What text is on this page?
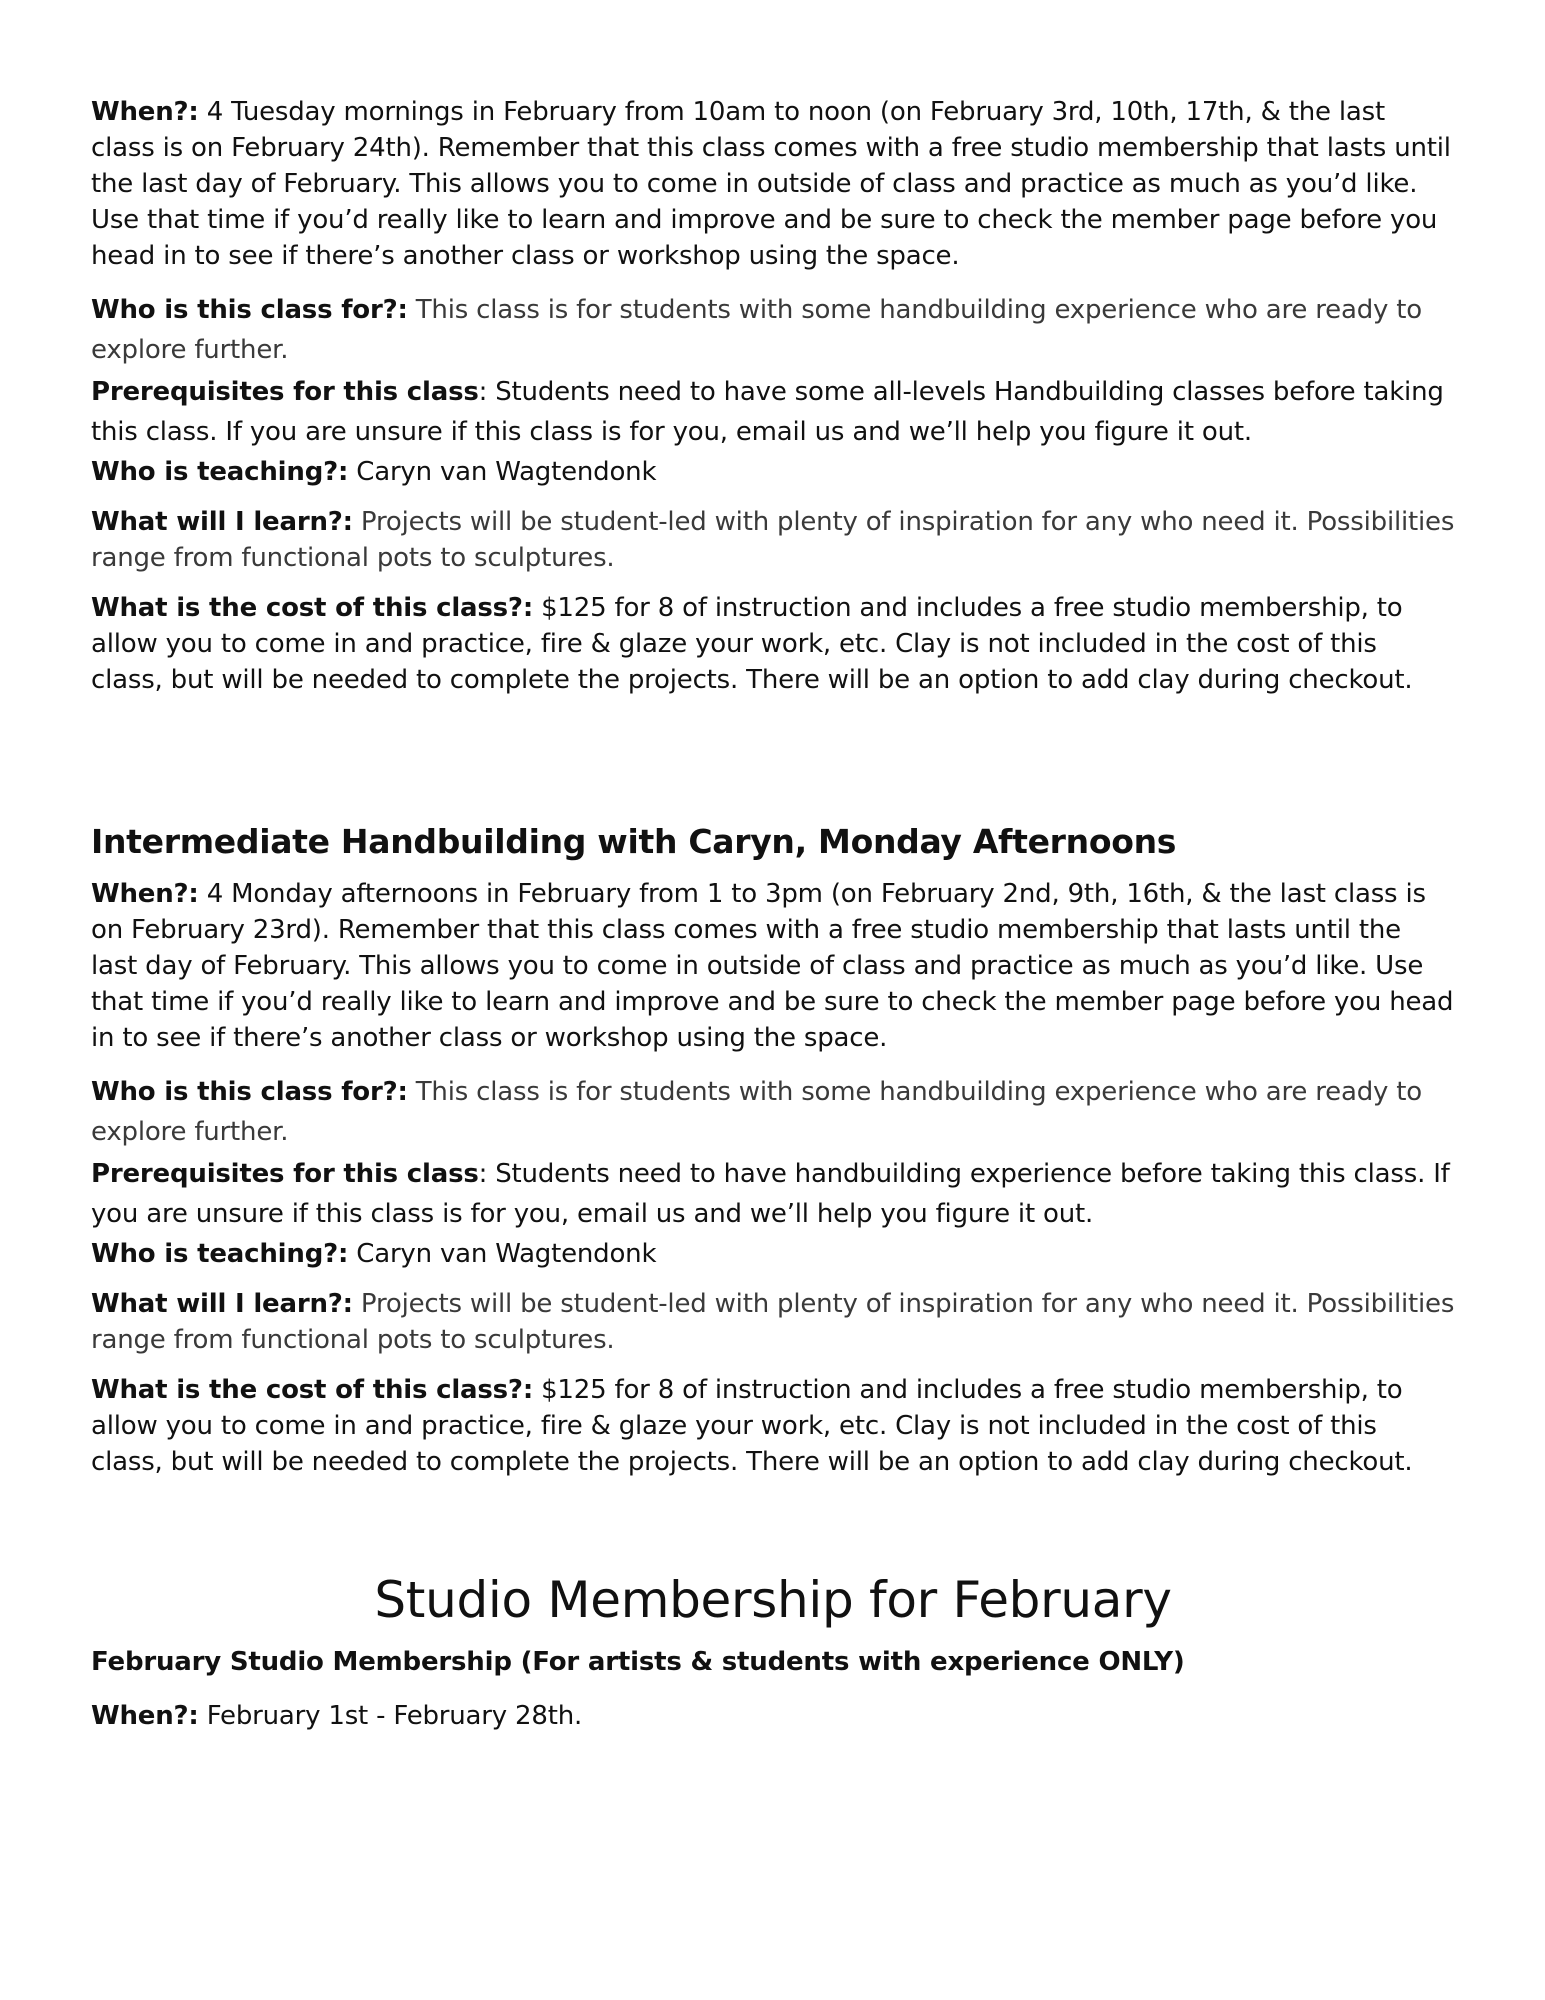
When?: 4 Tuesday mornings in February from 10am to noon (on February 3rd, 10th, 17th, & the last class is on February 24th). Remember that this class comes with a free studio membership that lasts until the last day of February. This allows you to come in outside of class and practice as much as you’d like. Use that time if you’d really like to learn and improve and be sure to check the member page before you head in to see if there’s another class or workshop using the space.

Who is this class for?: This class is for students with some handbuilding experience who are ready to explore further.

Prerequisites for this class: Students need to have some all-levels Handbuilding classes before taking this class. If you are unsure if this class is for you, email us and we’ll help you figure it out.

Who is teaching?: Caryn van Wagtendonk

What will I learn?: Projects will be student-led with plenty of inspiration for any who need it. Possibilities range from functional pots to sculptures.

What is the cost of this class?: $125 for 8 of instruction and includes a free studio membership, to allow you to come in and practice, fire & glaze your work, etc. Clay is not included in the cost of this class, but will be needed to complete the projects. There will be an option to add clay during checkout.

Intermediate Handbuilding with Caryn, Monday Afternoons

When?: 4 Monday afternoons in February from 1 to 3pm (on February 2nd, 9th, 16th, & the last class is on February 23rd). Remember that this class comes with a free studio membership that lasts until the last day of February. This allows you to come in outside of class and practice as much as you’d like. Use that time if you’d really like to learn and improve and be sure to check the member page before you head in to see if there’s another class or workshop using the space.

Who is this class for?: This class is for students with some handbuilding experience who are ready to explore further.

Prerequisites for this class: Students need to have handbuilding experience before taking this class. If you are unsure if this class is for you, email us and we’ll help you figure it out.

Who is teaching?: Caryn van Wagtendonk

What will I learn?: Projects will be student-led with plenty of inspiration for any who need it. Possibilities range from functional pots to sculptures.

What is the cost of this class?: $125 for 8 of instruction and includes a free studio membership, to allow you to come in and practice, fire & glaze your work, etc. Clay is not included in the cost of this class, but will be needed to complete the projects. There will be an option to add clay during checkout.

Studio Membership for February
February Studio Membership (For artists & students with experience ONLY)

When?: February 1st - February 28th.
